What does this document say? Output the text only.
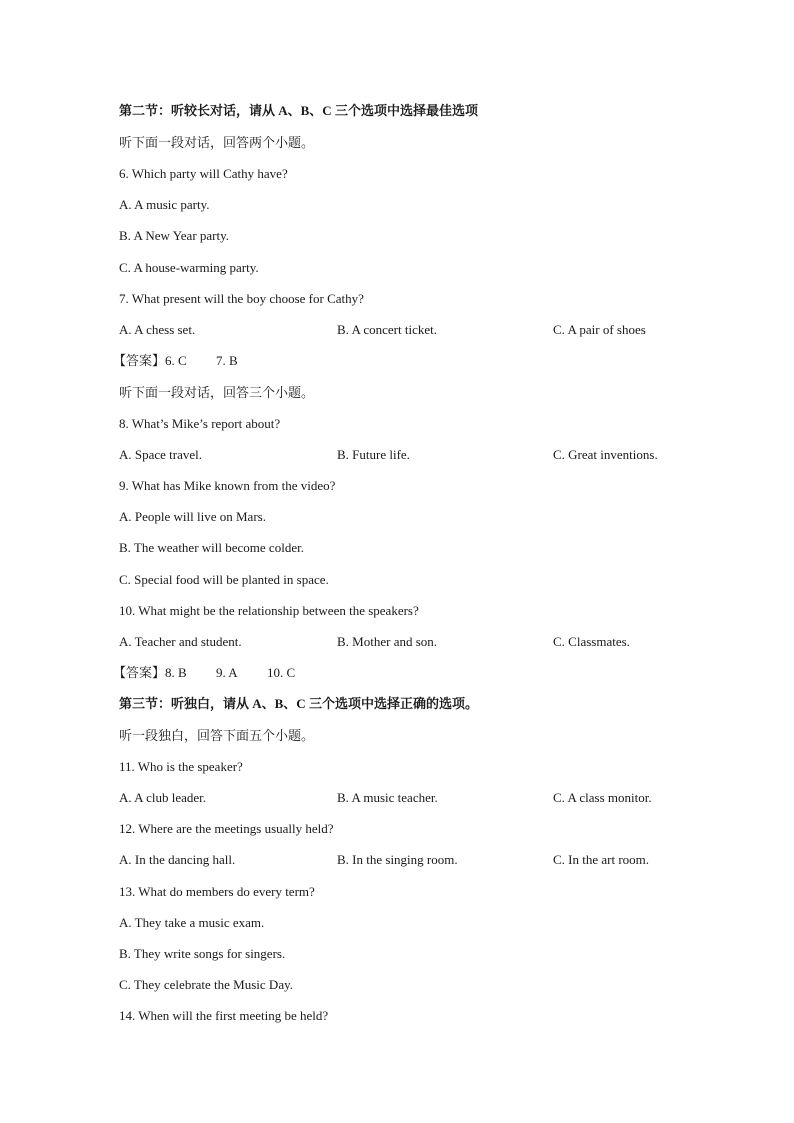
第二节：听较长对话，请从 A、B、C 三个选项中选择最佳选项
听下面一段对话，回答两个小题。
6. Which party will Cathy have?
A. A music party.
B. A New Year party.
C. A house-warming party.
7. What present will the boy choose for Cathy?
A. A chess set.	B. A concert ticket.	C. A pair of shoes
【答案】6. C 7. B
听下面一段对话，回答三个小题。
8. What’s Mike’s report about?
A. Space travel.	B. Future life.	C. Great inventions.
9. What has Mike known from the video?
A. People will live on Mars.
B. The weather will become colder.
C. Special food will be planted in space.
10. What might be the relationship between the speakers?
A. Teacher and student.	B. Mother and son.	C. Classmates.
【答案】8. B 9. A 10. C
第三节：听独白，请从 A、B、C 三个选项中选择正确的选项。
听一段独白，回答下面五个小题。
11. Who is the speaker?
A. A club leader.	B. A music teacher.	C. A class monitor.
12. Where are the meetings usually held?
A. In the dancing hall.	B. In the singing room.	C. In the art room.
13. What do members do every term?
A. They take a music exam.
B. They write songs for singers.
C. They celebrate the Music Day.
14. When will the first meeting be held?
